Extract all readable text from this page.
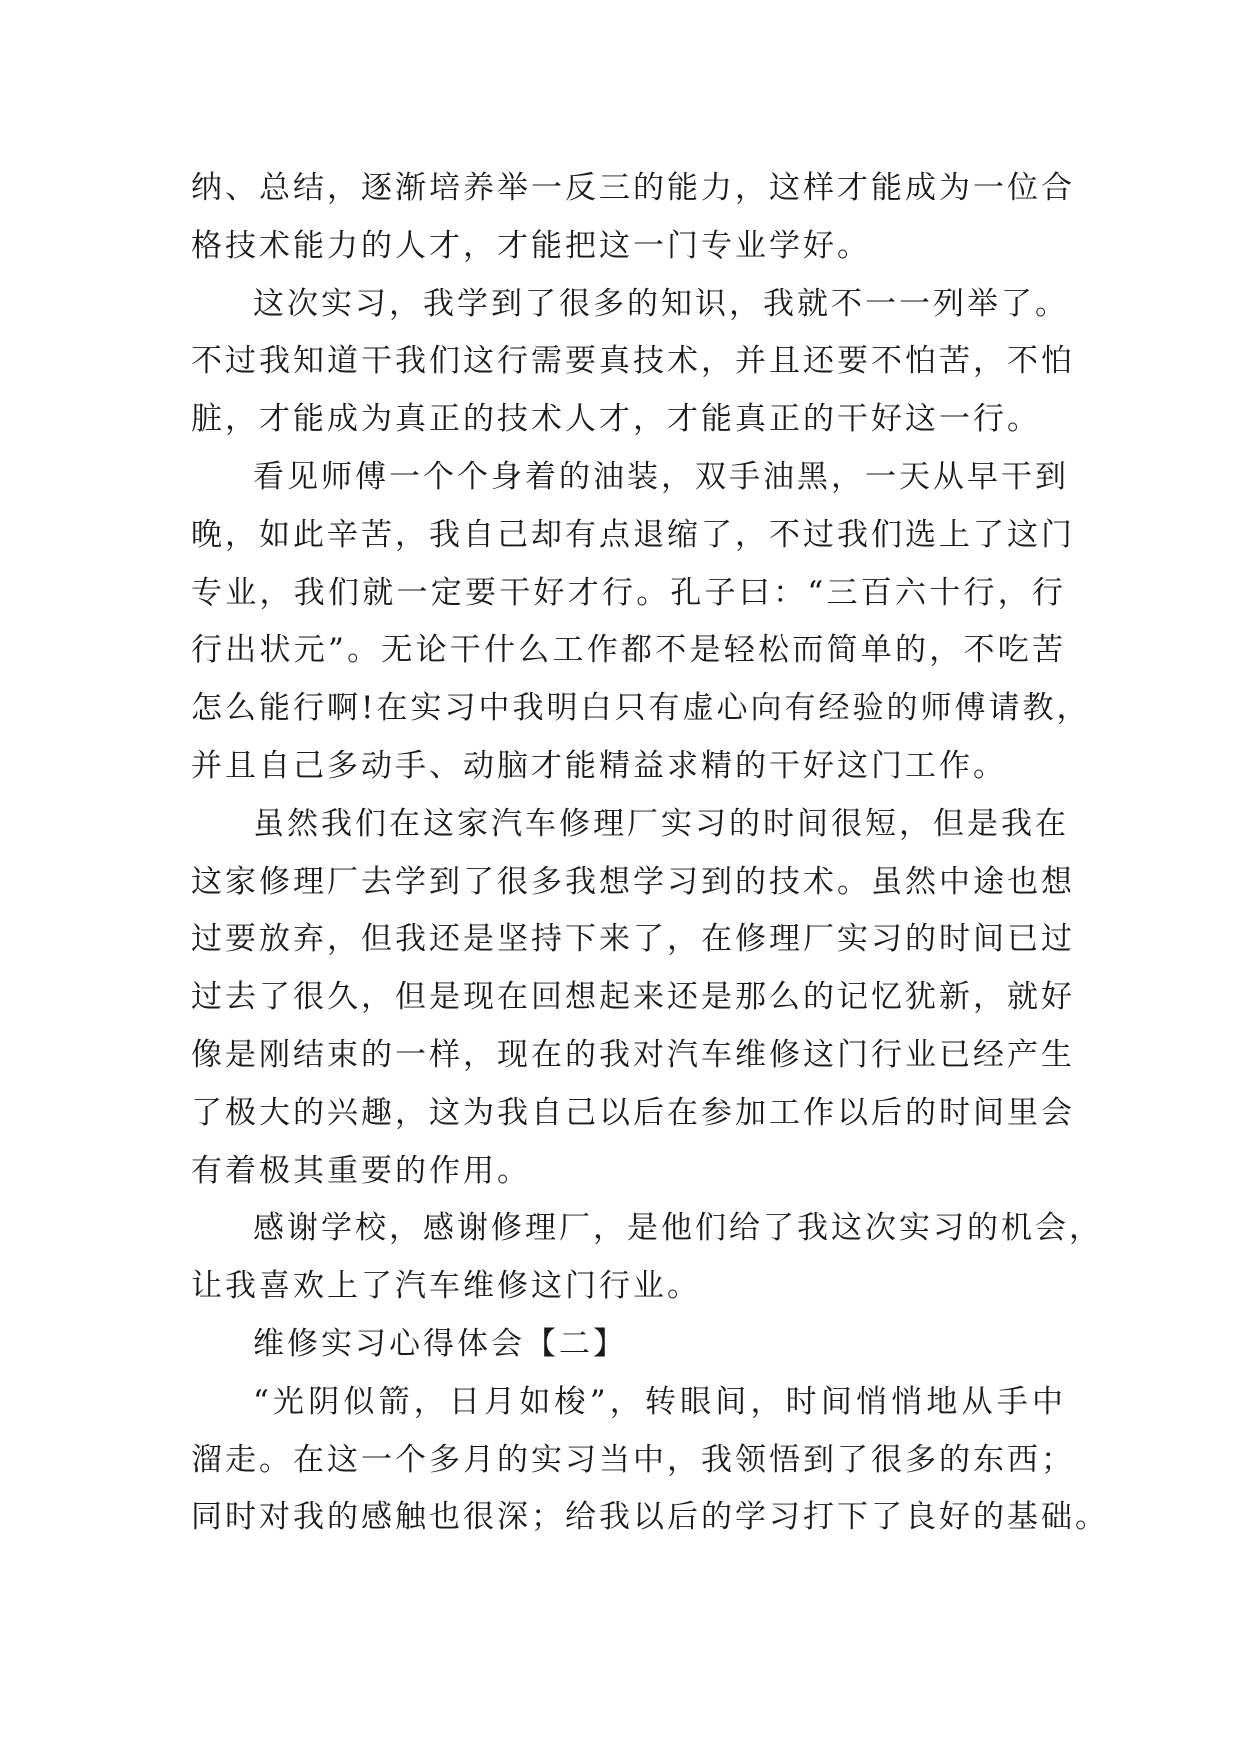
纳、总结，逐渐培养举一反三的能力，这样才能成为一位合
格技术能力的人才，才能把这一门专业学好。
这次实习，我学到了很多的知识，我就不一一列举了。
不过我知道干我们这行需要真技术，并且还要不怕苦，不怕
脏，才能成为真正的技术人才，才能真正的干好这一行。
看见师傅一个个身着的油装，双手油黑，一天从早干到
晚，如此辛苦，我自己却有点退缩了，不过我们选上了这门
专业，我们就一定要干好才行。孔子曰：“三百六十行，行
行出状元”。无论干什么工作都不是轻松而简单的，不吃苦
怎么能行啊!在实习中我明白只有虚心向有经验的师傅请教，
并且自己多动手、动脑才能精益求精的干好这门工作。
虽然我们在这家汽车修理厂实习的时间很短，但是我在
这家修理厂去学到了很多我想学习到的技术。虽然中途也想
过要放弃，但我还是坚持下来了，在修理厂实习的时间已过
过去了很久，但是现在回想起来还是那么的记忆犹新，就好
像是刚结束的一样，现在的我对汽车维修这门行业已经产生
了极大的兴趣，这为我自己以后在参加工作以后的时间里会
有着极其重要的作用。
感谢学校，感谢修理厂，是他们给了我这次实习的机会，
让我喜欢上了汽车维修这门行业。
维修实习心得体会【二】
“光阴似箭，日月如梭”，转眼间，时间悄悄地从手中
溜走。在这一个多月的实习当中，我领悟到了很多的东西；
同时对我的感触也很深；给我以后的学习打下了良好的基础。
